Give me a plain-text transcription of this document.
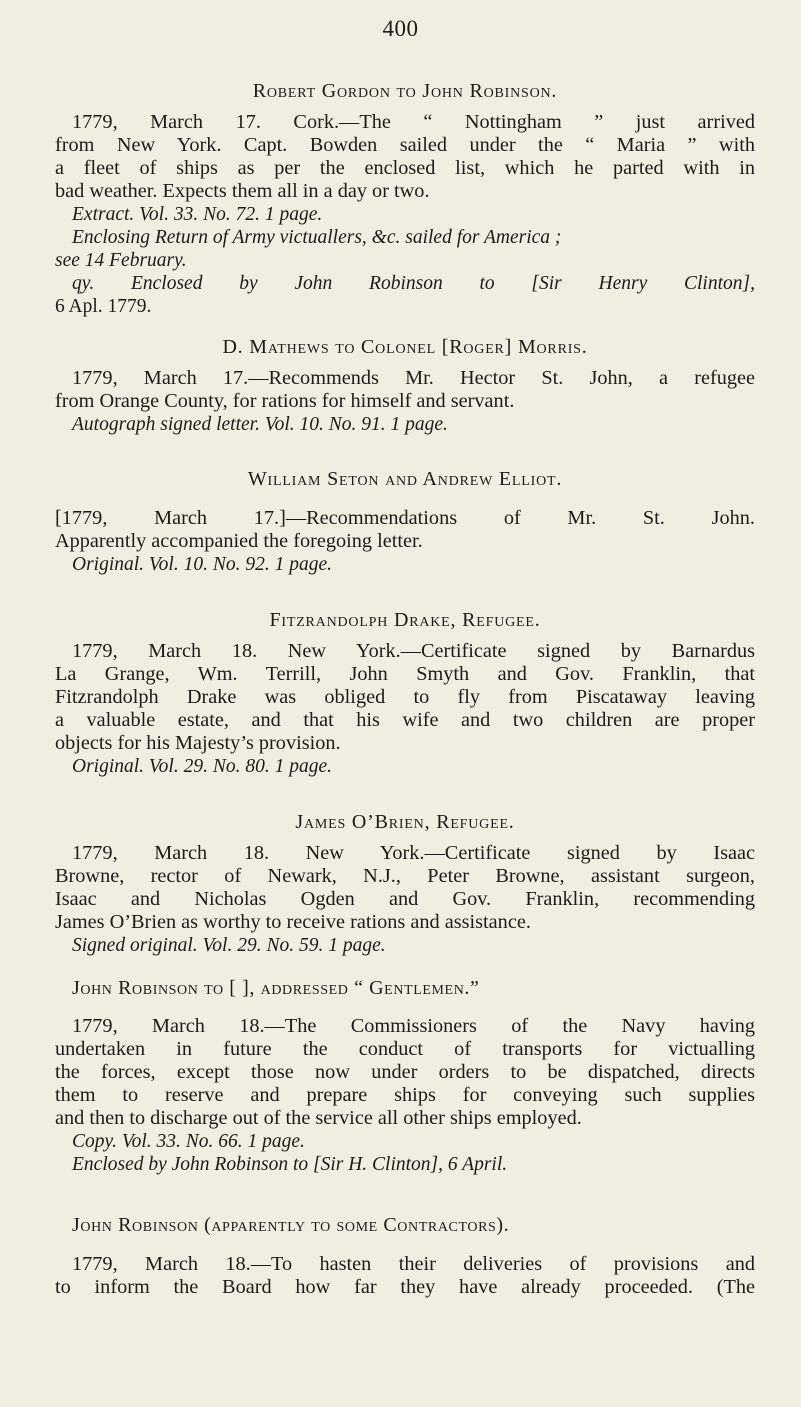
400
Robert Gordon to John Robinson.
1779, March 17. Cork.—The “ Nottingham ” just arrived
from New York. Capt. Bowden sailed under the “ Maria ” with
a fleet of ships as per the enclosed list, which he parted with in
bad weather. Expects them all in a day or two.
Extract. Vol. 33. No. 72. 1 page.
Enclosing Return of Army victuallers, &c. sailed for America ;
see 14 February.
qy. Enclosed by John Robinson to [Sir Henry Clinton],
6 Apl. 1779.
D. Mathews to Colonel [Roger] Morris.
1779, March 17.—Recommends Mr. Hector St. John, a refugee
from Orange County, for rations for himself and servant.
Autograph signed letter. Vol. 10. No. 91. 1 page.
William Seton and Andrew Elliot.
[1779, March 17.]—Recommendations of Mr. St. John.
Apparently accompanied the foregoing letter.
Original. Vol. 10. No. 92. 1 page.
Fitzrandolph Drake, Refugee.
1779, March 18. New York.—Certificate signed by Barnardus
La Grange, Wm. Terrill, John Smyth and Gov. Franklin, that
Fitzrandolph Drake was obliged to fly from Piscataway leaving
a valuable estate, and that his wife and two children are proper
objects for his Majesty’s provision.
Original. Vol. 29. No. 80. 1 page.
James O’Brien, Refugee.
1779, March 18. New York.—Certificate signed by Isaac
Browne, rector of Newark, N.J., Peter Browne, assistant surgeon,
Isaac and Nicholas Ogden and Gov. Franklin, recommending
James O’Brien as worthy to receive rations and assistance.
Signed original. Vol. 29. No. 59. 1 page.
John Robinson to [ ], addressed “ Gentlemen.”
1779, March 18.—The Commissioners of the Navy having
undertaken in future the conduct of transports for victualling
the forces, except those now under orders to be dispatched, directs
them to reserve and prepare ships for conveying such supplies
and then to discharge out of the service all other ships employed.
Copy. Vol. 33. No. 66. 1 page.
Enclosed by John Robinson to [Sir H. Clinton], 6 April.
John Robinson (apparently to some Contractors).
1779, March 18.—To hasten their deliveries of provisions and
to inform the Board how far they have already proceeded. (The
